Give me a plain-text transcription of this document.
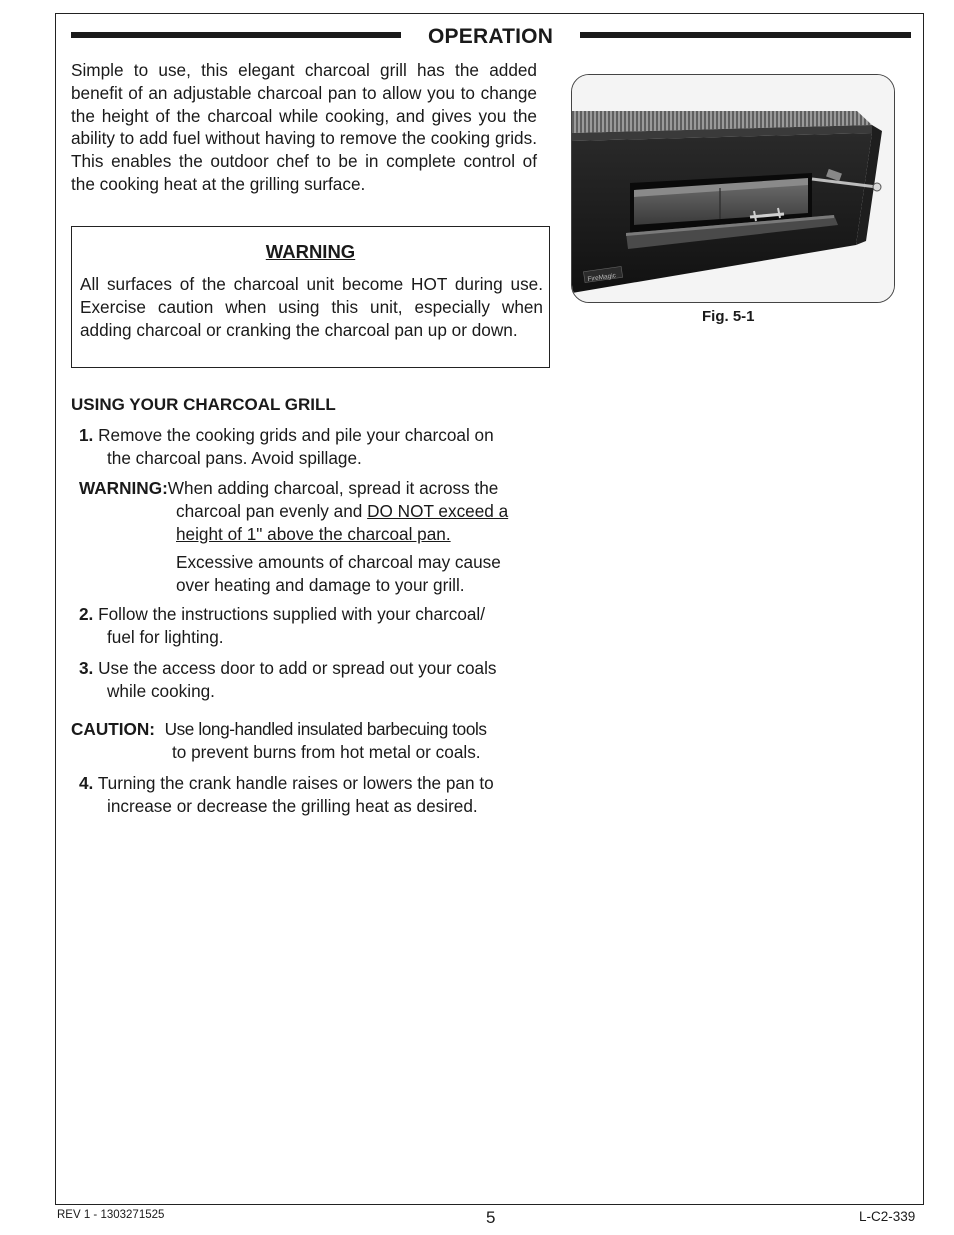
OPERATION

Simple to use, this elegant charcoal grill has the added benefit of an adjustable charcoal pan to allow you to change the height of the charcoal while cooking, and gives you the ability to add fuel without having to remove the cooking grids. This enables the outdoor chef to be in complete control of the cooking heat at the grilling surface.

WARNING

All surfaces of the charcoal unit become HOT during use. Exercise caution when using this unit, especially when adding charcoal or cranking the charcoal pan up or down.

USING YOUR CHARCOAL GRILL

1. Remove the cooking grids and pile your charcoal on
the charcoal pans. Avoid spillage.

WARNING:When adding charcoal, spread it across the
charcoal pan evenly and DO NOT exceed a
height of 1" above the charcoal pan.
Excessive amounts of charcoal may cause
over heating and damage to your grill.

2. Follow the instructions supplied with your charcoal/
fuel for lighting.

3. Use the access door to add or spread out your coals
while cooking.

CAUTION: Use long-handled insulated barbecuing tools
to prevent burns from hot metal or coals.

4. Turning the crank handle raises or lowers the pan to
increase or decrease the grilling heat as desired.

FireMagic
Fig. 5-1
REV 1 - 1303271525	5	L-C2-339
